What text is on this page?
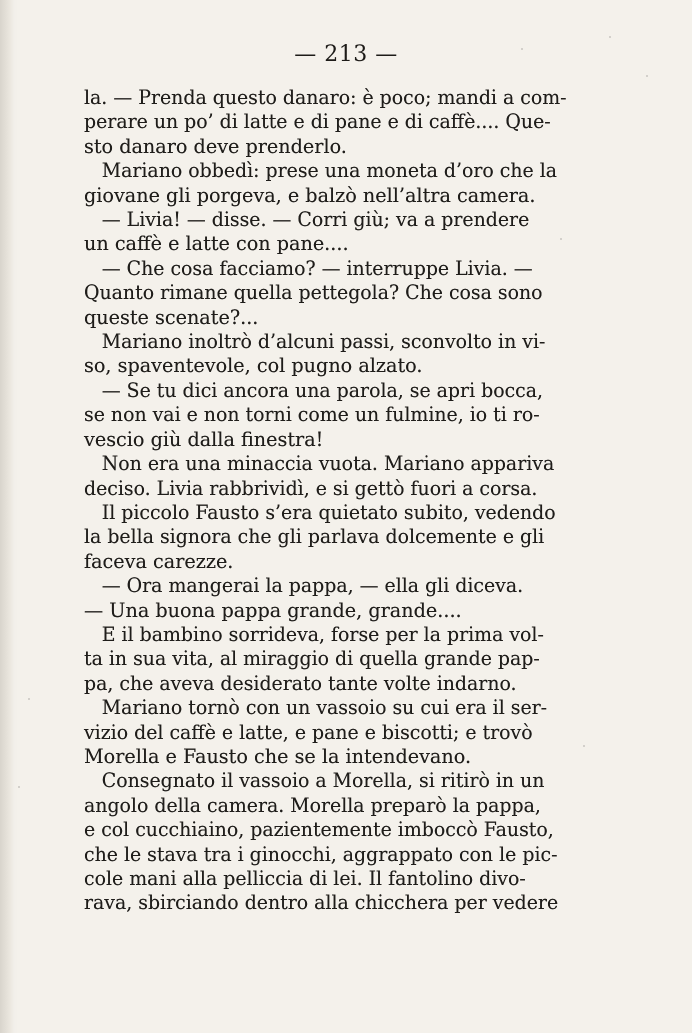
— 213 —
la. — Prenda questo danaro: è poco; mandi a com-
perare un po’ di latte e di pane e di caffè.... Que-
sto danaro deve prenderlo.
Mariano obbedì: prese una moneta d’oro che la
giovane gli porgeva, e balzò nell’altra camera.
— Livia! — disse. — Corri giù; va a prendere
un caffè e latte con pane....
— Che cosa facciamo? — interruppe Livia. —
Quanto rimane quella pettegola? Che cosa sono
queste scenate?...
Mariano inoltrò d’alcuni passi, sconvolto in vi-
so, spaventevole, col pugno alzato.
— Se tu dici ancora una parola, se apri bocca,
se non vai e non torni come un fulmine, io ti ro-
vescio giù dalla finestra!
Non era una minaccia vuota. Mariano appariva
deciso. Livia rabbrividì, e si gettò fuori a corsa.
Il piccolo Fausto s’era quietato subito, vedendo
la bella signora che gli parlava dolcemente e gli
faceva carezze.
— Ora mangerai la pappa, — ella gli diceva.
— Una buona pappa grande, grande....
E il bambino sorrideva, forse per la prima vol-
ta in sua vita, al miraggio di quella grande pap-
pa, che aveva desiderato tante volte indarno.
Mariano tornò con un vassoio su cui era il ser-
vizio del caffè e latte, e pane e biscotti; e trovò
Morella e Fausto che se la intendevano.
Consegnato il vassoio a Morella, si ritirò in un
angolo della camera. Morella preparò la pappa,
e col cucchiaino, pazientemente imboccò Fausto,
che le stava tra i ginocchi, aggrappato con le pic-
cole mani alla pelliccia di lei. Il fantolino divo-
rava, sbirciando dentro alla chicchera per vedere
